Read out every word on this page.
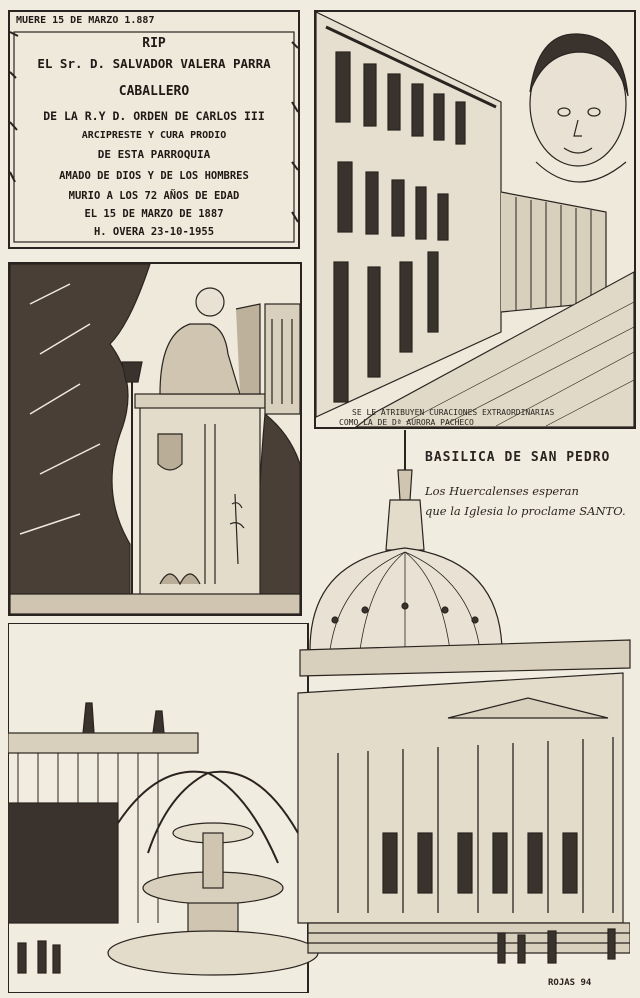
MUERE 15 DE MARZO 1.887
RIP
EL Sr. D. SALVADOR VALERA PARRA
CABALLERO
DE LA R.Y D. ORDEN DE CARLOS III
ARCIPRESTE Y CURA PRODIO
DE ESTA PARROQUIA
AMADO DE DIOS Y DE LOS HOMBRES
MURIO A LOS 72 AÑOS DE EDAD
EL 15 DE MARZO DE 1887
H. OVERA 23-10-1955
SE LE ATRIBUYEN CURACIONES EXTRAORDINARIAS
COMO LA DE Dª AURORA PACHECO
BASILICA DE SAN PEDRO
Los Huercalenses esperan
que la Iglesia lo proclame SANTO.
ROJAS 94
